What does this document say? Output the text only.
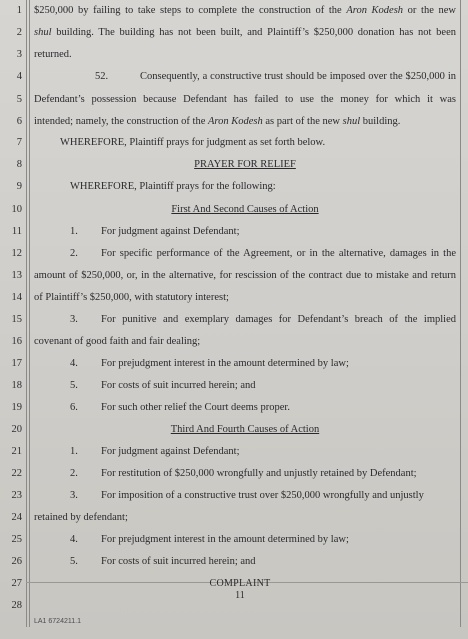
1
2
3
4
5
6
7
8
9
10
11
12
13
14
15
16
17
18
19
20
21
22
23
24
25
26
27
28
$250,000 by failing to take steps to complete the construction of the Aron Kodesh or the new
shul building. The building has not been built, and Plaintiff’s $250,000 donation has not been
returned.
52.	Consequently, a constructive trust should be imposed over the $250,000 in
Defendant’s possession because Defendant has failed to use the money for which it was
intended; namely, the construction of the Aron Kodesh as part of the new shul building.
WHEREFORE, Plaintiff prays for judgment as set forth below.
PRAYER FOR RELIEF
WHEREFORE, Plaintiff prays for the following:
First And Second Causes of Action
1. For judgment against Defendant;
2. For specific performance of the Agreement, or in the alternative, damages in the
amount of $250,000, or, in the alternative, for rescission of the contract due to mistake and return
of Plaintiff’s $250,000, with statutory interest;
3. For punitive and exemplary damages for Defendant’s breach of the implied
covenant of good faith and fair dealing;
4. For prejudgment interest in the amount determined by law;
5. For costs of suit incurred herein; and
6. For such other relief the Court deems proper.
Third And Fourth Causes of Action
1. For judgment against Defendant;
2. For restitution of $250,000 wrongfully and unjustly retained by Defendant;
3. For imposition of a constructive trust over $250,000 wrongfully and unjustly
retained by defendant;
4. For prejudgment interest in the amount determined by law;
5. For costs of suit incurred herein; and
COMPLAINT
11
LA1 6724211.1
